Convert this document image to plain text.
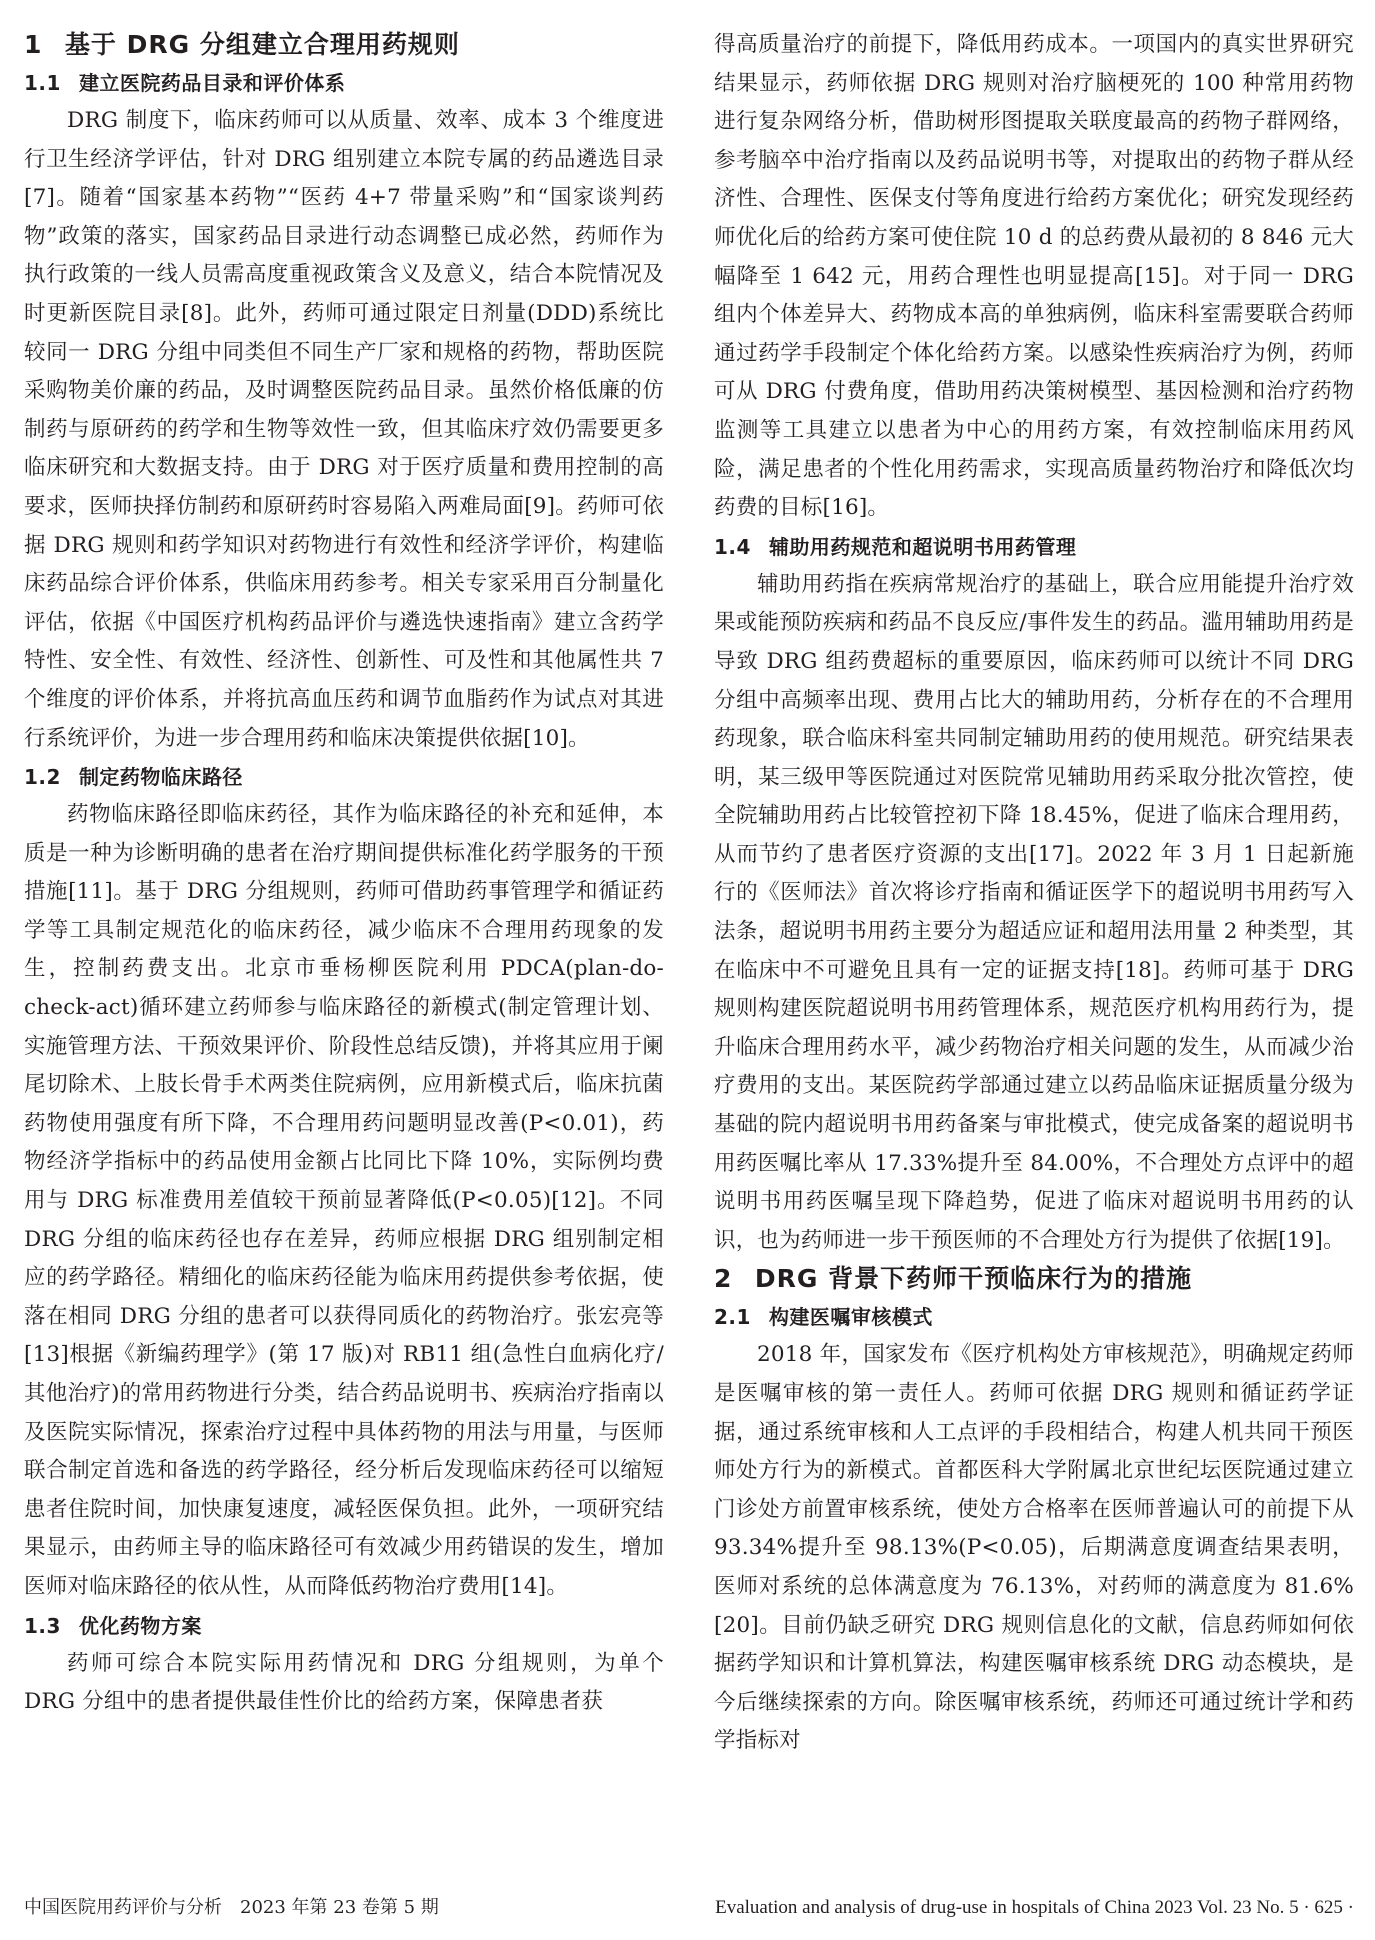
1 基于 DRG 分组建立合理用药规则
1.1 建立医院药品目录和评价体系

DRG 制度下，临床药师可以从质量、效率、成本 3 个维度进行卫生经济学评估，针对 DRG 组别建立本院专属的药品遴选目录[7]。随着“国家基本药物”“医药 4+7 带量采购”和“国家谈判药物”政策的落实，国家药品目录进行动态调整已成必然，药师作为执行政策的一线人员需高度重视政策含义及意义，结合本院情况及时更新医院目录[8]。此外，药师可通过限定日剂量(DDD)系统比较同一 DRG 分组中同类但不同生产厂家和规格的药物，帮助医院采购物美价廉的药品，及时调整医院药品目录。虽然价格低廉的仿制药与原研药的药学和生物等效性一致，但其临床疗效仍需要更多临床研究和大数据支持。由于 DRG 对于医疗质量和费用控制的高要求，医师抉择仿制药和原研药时容易陷入两难局面[9]。药师可依据 DRG 规则和药学知识对药物进行有效性和经济学评价，构建临床药品综合评价体系，供临床用药参考。相关专家采用百分制量化评估，依据《中国医疗机构药品评价与遴选快速指南》建立含药学特性、安全性、有效性、经济性、创新性、可及性和其他属性共 7 个维度的评价体系，并将抗高血压药和调节血脂药作为试点对其进行系统评价，为进一步合理用药和临床决策提供依据[10]。

1.2 制定药物临床路径

药物临床路径即临床药径，其作为临床路径的补充和延伸，本质是一种为诊断明确的患者在治疗期间提供标准化药学服务的干预措施[11]。基于 DRG 分组规则，药师可借助药事管理学和循证药学等工具制定规范化的临床药径，减少临床不合理用药现象的发生，控制药费支出。北京市垂杨柳医院利用 PDCA(plan-do-check-act)循环建立药师参与临床路径的新模式(制定管理计划、实施管理方法、干预效果评价、阶段性总结反馈)，并将其应用于阑尾切除术、上肢长骨手术两类住院病例，应用新模式后，临床抗菌药物使用强度有所下降，不合理用药问题明显改善(P<0.01)，药物经济学指标中的药品使用金额占比同比下降 10%，实际例均费用与 DRG 标准费用差值较干预前显著降低(P<0.05)[12]。不同 DRG 分组的临床药径也存在差异，药师应根据 DRG 组别制定相应的药学路径。精细化的临床药径能为临床用药提供参考依据，使落在相同 DRG 分组的患者可以获得同质化的药物治疗。张宏亮等[13]根据《新编药理学》(第 17 版)对 RB11 组(急性白血病化疗/其他治疗)的常用药物进行分类，结合药品说明书、疾病治疗指南以及医院实际情况，探索治疗过程中具体药物的用法与用量，与医师联合制定首选和备选的药学路径，经分析后发现临床药径可以缩短患者住院时间，加快康复速度，减轻医保负担。此外，一项研究结果显示，由药师主导的临床路径可有效减少用药错误的发生，增加医师对临床路径的依从性，从而降低药物治疗费用[14]。

1.3 优化药物方案

药师可综合本院实际用药情况和 DRG 分组规则，为单个 DRG 分组中的患者提供最佳性价比的给药方案，保障患者获

得高质量治疗的前提下，降低用药成本。一项国内的真实世界研究结果显示，药师依据 DRG 规则对治疗脑梗死的 100 种常用药物进行复杂网络分析，借助树形图提取关联度最高的药物子群网络，参考脑卒中治疗指南以及药品说明书等，对提取出的药物子群从经济性、合理性、医保支付等角度进行给药方案优化；研究发现经药师优化后的给药方案可使住院 10 d 的总药费从最初的 8 846 元大幅降至 1 642 元，用药合理性也明显提高[15]。对于同一 DRG 组内个体差异大、药物成本高的单独病例，临床科室需要联合药师通过药学手段制定个体化给药方案。以感染性疾病治疗为例，药师可从 DRG 付费角度，借助用药决策树模型、基因检测和治疗药物监测等工具建立以患者为中心的用药方案，有效控制临床用药风险，满足患者的个性化用药需求，实现高质量药物治疗和降低次均药费的目标[16]。

1.4 辅助用药规范和超说明书用药管理

辅助用药指在疾病常规治疗的基础上，联合应用能提升治疗效果或能预防疾病和药品不良反应/事件发生的药品。滥用辅助用药是导致 DRG 组药费超标的重要原因，临床药师可以统计不同 DRG 分组中高频率出现、费用占比大的辅助用药，分析存在的不合理用药现象，联合临床科室共同制定辅助用药的使用规范。研究结果表明，某三级甲等医院通过对医院常见辅助用药采取分批次管控，使全院辅助用药占比较管控初下降 18.45%，促进了临床合理用药，从而节约了患者医疗资源的支出[17]。2022 年 3 月 1 日起新施行的《医师法》首次将诊疗指南和循证医学下的超说明书用药写入法条，超说明书用药主要分为超适应证和超用法用量 2 种类型，其在临床中不可避免且具有一定的证据支持[18]。药师可基于 DRG 规则构建医院超说明书用药管理体系，规范医疗机构用药行为，提升临床合理用药水平，减少药物治疗相关问题的发生，从而减少治疗费用的支出。某医院药学部通过建立以药品临床证据质量分级为基础的院内超说明书用药备案与审批模式，使完成备案的超说明书用药医嘱比率从 17.33%提升至 84.00%，不合理处方点评中的超说明书用药医嘱呈现下降趋势，促进了临床对超说明书用药的认识，也为药师进一步干预医师的不合理处方行为提供了依据[19]。

2 DRG 背景下药师干预临床行为的措施
2.1 构建医嘱审核模式

2018 年，国家发布《医疗机构处方审核规范》，明确规定药师是医嘱审核的第一责任人。药师可依据 DRG 规则和循证药学证据，通过系统审核和人工点评的手段相结合，构建人机共同干预医师处方行为的新模式。首都医科大学附属北京世纪坛医院通过建立门诊处方前置审核系统，使处方合格率在医师普遍认可的前提下从 93.34%提升至 98.13%(P<0.05)，后期满意度调查结果表明，医师对系统的总体满意度为 76.13%，对药师的满意度为 81.6%[20]。目前仍缺乏研究 DRG 规则信息化的文献，信息药师如何依据药学知识和计算机算法，构建医嘱审核系统 DRG 动态模块，是今后继续探索的方向。除医嘱审核系统，药师还可通过统计学和药学指标对

中国医院用药评价与分析　2023 年第 23 卷第 5 期	Evaluation and analysis of drug-use in hospitals of China 2023 Vol. 23 No. 5 · 625 ·
